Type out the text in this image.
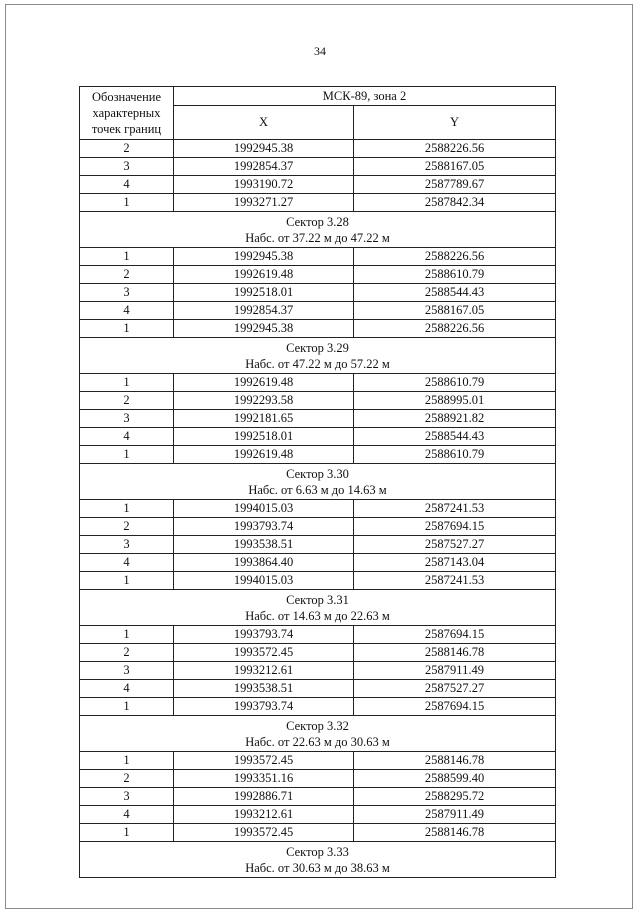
34
Обозначение характерных точек границ	МСК-89, зона 2	
	X	Y
2	1992945.38	2588226.56
3	1992854.37	2588167.05
4	1993190.72	2587789.67
1	1993271.27	2587842.34

Сектор 3.28
Набс. от 37.22 м до 47.22 м		

1	1992945.38	2588226.56
2	1992619.48	2588610.79
3	1992518.01	2588544.43
4	1992854.37	2588167.05
1	1992945.38	2588226.56

Сектор 3.29
Набс. от 47.22 м до 57.22 м		

1	1992619.48	2588610.79
2	1992293.58	2588995.01
3	1992181.65	2588921.82
4	1992518.01	2588544.43
1	1992619.48	2588610.79

Сектор 3.30
Набс. от 6.63 м до 14.63 м		

1	1994015.03	2587241.53
2	1993793.74	2587694.15
3	1993538.51	2587527.27
4	1993864.40	2587143.04
1	1994015.03	2587241.53

Сектор 3.31
Набс. от 14.63 м до 22.63 м		

1	1993793.74	2587694.15
2	1993572.45	2588146.78
3	1993212.61	2587911.49
4	1993538.51	2587527.27
1	1993793.74	2587694.15

Сектор 3.32
Набс. от 22.63 м до 30.63 м		

1	1993572.45	2588146.78
2	1993351.16	2588599.40
3	1992886.71	2588295.72
4	1993212.61	2587911.49
1	1993572.45	2588146.78

Сектор 3.33
Набс. от 30.63 м до 38.63 м		
